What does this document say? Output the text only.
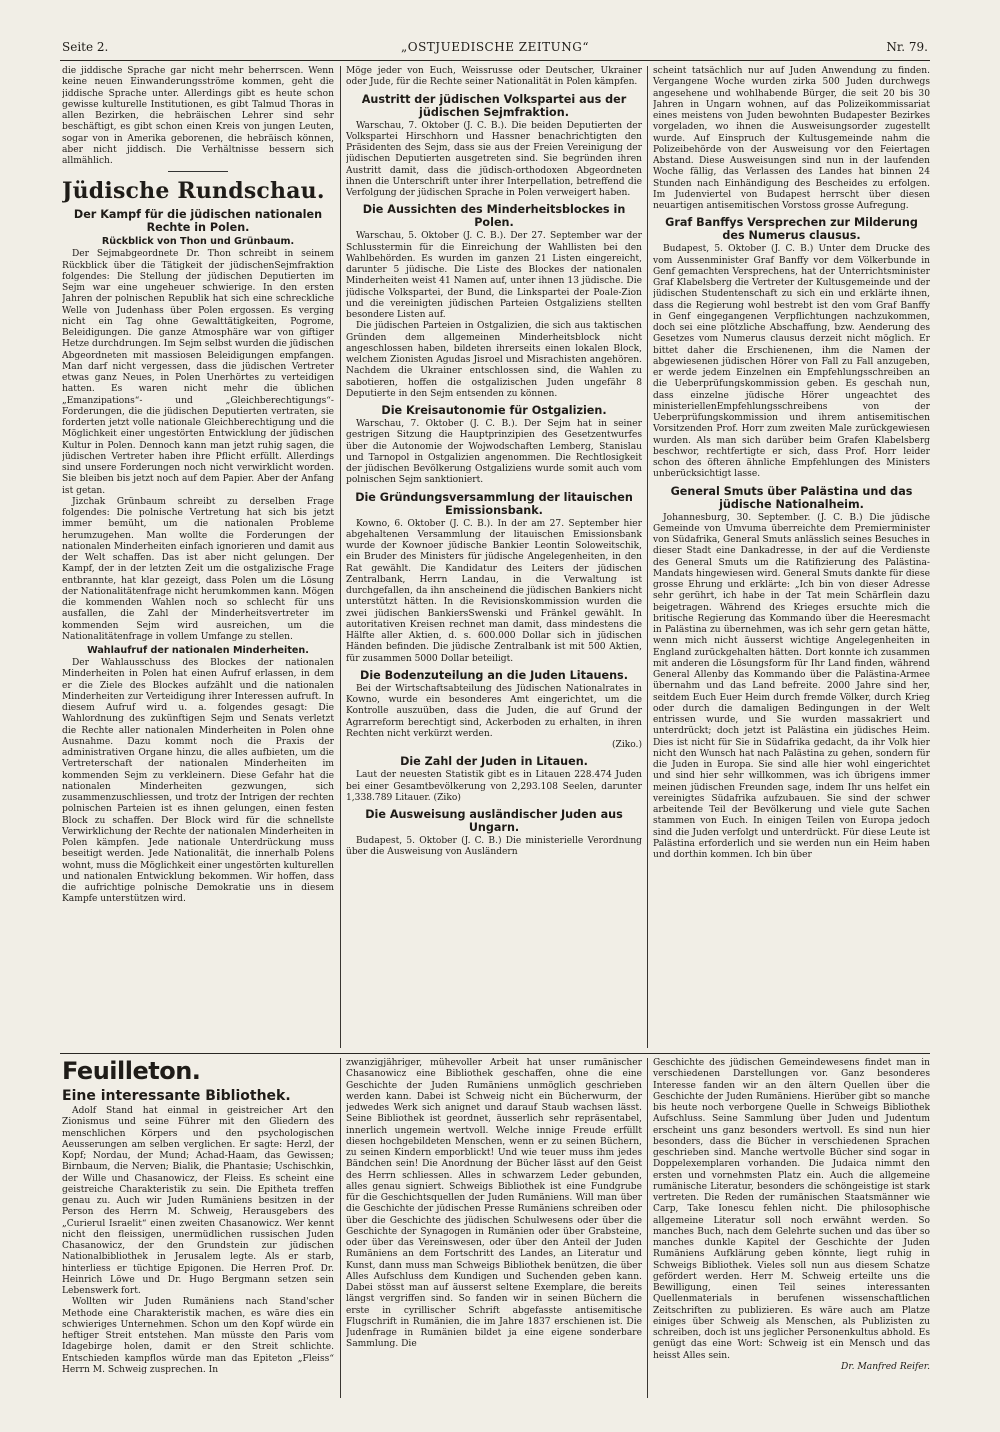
Seite 2.	„OSTJUEDISCHE ZEITUNG“	Nr. 79.

die jiddische Sprache gar nicht mehr beherrscen. Wenn keine neuen Einwanderungsströme kommen, geht die jiddische Sprache unter. Allerdings gibt es heute schon gewisse kulturelle Institutionen, es gibt Talmud Thoras in allen Bezirken, die hebräischen Lehrer sind sehr beschäftigt, es gibt schon einen Kreis von jungen Leuten, sogar von in Amerika geborenen, die hebräisch können, aber nicht jiddisch. Die Verhältnisse bessern sich allmählich.

Jüdische Rundschau.
Der Kampf für die jüdischen nationalen Rechte in Polen.
Rückblick von Thon und Grünbaum.

Der Sejmabgeordnete Dr. Thon schreibt in seinem Rückblick über die Tätigkeit der jüdischenSejmfraktion folgendes: Die Stellung der jüdischen Deputierten im Sejm war eine ungeheuer schwierige. In den ersten Jahren der polnischen Republik hat sich eine schreckliche Welle von Judenhass über Polen ergossen. Es verging nicht ein Tag ohne Gewalttätigkeiten, Pogrome, Beleidigungen. Die ganze Atmosphäre war von giftiger Hetze durchdrungen. Im Sejm selbst wurden die jüdischen Abgeordneten mit massiosen Beleidigungen empfangen. Man darf nicht vergessen, dass die jüdischen Vertreter etwas ganz Neues, in Polen Unerhörtes zu verteidigen hatten. Es waren nicht mehr die üblichen „Emanzipations“- und „Gleichberechtigungs“-Forderungen, die die jüdischen Deputierten vertraten, sie forderten jetzt volle nationale Gleichberechtigung und die Möglichkeit einer ungestörten Entwicklung der jüdischen Kultur in Polen. Dennoch kann man jetzt ruhig sagen, die jüdischen Vertreter haben ihre Pflicht erfüllt. Allerdings sind unsere Forderungen noch nicht verwirklicht worden. Sie bleiben bis jetzt noch auf dem Papier. Aber der Anfang ist getan.

Jizchak Grünbaum schreibt zu derselben Frage folgendes: Die polnische Vertretung hat sich bis jetzt immer bemüht, um die nationalen Probleme herumzugehen. Man wollte die Forderungen der nationalen Minderheiten einfach ignorieren und damit aus der Welt schaffen. Das ist aber nicht gelungen. Der Kampf, der in der letzten Zeit um die ostgalizische Frage entbrannte, hat klar gezeigt, dass Polen um die Lösung der Nationalitätenfrage nicht herumkommen kann. Mögen die kommenden Wahlen noch so schlecht für uns ausfallen, die Zahl der Minderheitsvertreter im kommenden Sejm wird ausreichen, um die Nationalitätenfrage in vollem Umfange zu stellen.

Wahlaufruf der nationalen Minderheiten.

Der Wahlausschuss des Blockes der nationalen Minderheiten in Polen hat einen Aufruf erlassen, in dem er die Ziele des Blockes aufzählt und die nationalen Minderheiten zur Verteidigung ihrer Interessen aufruft. In diesem Aufruf wird u. a. folgendes gesagt: Die Wahlordnung des zukünftigen Sejm und Senats verletzt die Rechte aller nationalen Minderheiten in Polen ohne Ausnahme. Dazu kommt noch die Praxis der administrativen Organe hinzu, die alles aufbieten, um die Vertreterschaft der nationalen Minderheiten im kommenden Sejm zu verkleinern. Diese Gefahr hat die nationalen Minderheiten gezwungen, sich zusammenzuschliessen, und trotz der Intrigen der rechten polnischen Parteien ist es ihnen gelungen, einen festen Block zu schaffen. Der Block wird für die schnellste Verwirklichung der Rechte der nationalen Minderheiten in Polen kämpfen. Jede nationale Unterdrückung muss beseitigt werden. Jede Nationalität, die innerhalb Polens wohnt, muss die Möglichkeit einer ungestörten kulturellen und nationalen Entwicklung bekommen. Wir hoffen, dass die aufrichtige polnische Demokratie uns in diesem Kampfe unterstützen wird.

Möge jeder von Euch, Weissrusse oder Deutscher, Ukrainer oder Jude, für die Rechte seiner Nationalität in Polen kämpfen.

Austritt der jüdischen Volkspartei aus der jüdischen Sejmfraktion.

Warschau, 7. Oktober (J. C. B.). Die beiden Deputierten der Volkspartei Hirschhorn und Hassner benachrichtigten den Präsidenten des Sejm, dass sie aus der Freien Vereinigung der jüdischen Deputierten ausgetreten sind. Sie begründen ihren Austritt damit, dass die jüdisch-orthodoxen Abgeordneten ihnen die Unterschrift unter ihrer Interpellation, betreffend die Verfolgung der jüdischen Sprache in Polen verweigert haben.

Die Aussichten des Minderheitsblockes in Polen.

Warschau, 5. Oktober (J. C. B.). Der 27. September war der Schlusstermin für die Einreichung der Wahllisten bei den Wahlbehörden. Es wurden im ganzen 21 Listen eingereicht, darunter 5 jüdische. Die Liste des Blockes der nationalen Minderheiten weist 41 Namen auf, unter ihnen 13 jüdische. Die jüdische Volkspartei, der Bund, die Linkspartei der Poale-Zion und die vereinigten jüdischen Parteien Ostgaliziens stellten besondere Listen auf.

Die jüdischen Parteien in Ostgalizien, die sich aus taktischen Gründen dem allgemeinen Minderheitsblock nicht angeschlossen haben, bildeten ihrerseits einen lokalen Block, welchem Zionisten Agudas Jisroel und Misrachisten angehören. Nachdem die Ukrainer entschlossen sind, die Wahlen zu sabotieren, hoffen die ostgalizischen Juden ungefähr 8 Deputierte in den Sejm entsenden zu können.

Die Kreisautonomie für Ostgalizien.

Warschau, 7. Oktober (J. C. B.). Der Sejm hat in seiner gestrigen Sitzung die Hauptprinzipien des Gesetzentwurfes über die Autonomie der Wojwodschaften Lemberg, Stanislau und Tarnopol in Ostgalizien angenommen. Die Rechtlosigkeit der jüdischen Bevölkerung Ostgaliziens wurde somit auch vom polnischen Sejm sanktioniert.

Die Gründungsversammlung der litauischen Emissionsbank.

Kowno, 6. Oktober (J. C. B.). In der am 27. September hier abgehaltenen Versammlung der litauischen Emissionsbank wurde der Kownoer jüdische Bankier Leontin Soloweitschik, ein Bruder des Ministers für jüdische Angelegenheiten, in den Rat gewählt. Die Kandidatur des Leiters der jüdischen Zentralbank, Herrn Landau, in die Verwaltung ist durchgefallen, da ihn anscheinend die jüdischen Bankiers nicht unterstützt hätten. In die Revisionskommission wurden die zwei jüdischen BankiersSwenski und Fränkel gewählt. In autoritativen Kreisen rechnet man damit, dass mindestens die Hälfte aller Aktien, d. s. 600.000 Dollar sich in jüdischen Händen befinden. Die jüdische Zentralbank ist mit 500 Aktien, für zusammen 5000 Dollar beteiligt.

Die Bodenzuteilung an die Juden Litauens.

Bei der Wirtschaftsabteilung des Jüdischen Nationalrates in Kowno, wurde ein besonderes Amt eingerichtet, um die Kontrolle auszuüben, dass die Juden, die auf Grund der Agrarreform berechtigt sind, Ackerboden zu erhalten, in ihren Rechten nicht verkürzt werden.

(Ziko.)
Die Zahl der Juden in Litauen.

Laut der neuesten Statistik gibt es in Litauen 228.474 Juden bei einer Gesamtbevölkerung von 2,293.108 Seelen, darunter 1,338.789 Litauer. (Ziko)

Die Ausweisung ausländischer Juden aus Ungarn.

Budapest, 5. Oktober (J. C. B.) Die ministerielle Verordnung über die Ausweisung von Ausländern

scheint tatsächlich nur auf Juden Anwendung zu finden. Vergangene Woche wurden zirka 500 Juden durchwegs angesehene und wohlhabende Bürger, die seit 20 bis 30 Jahren in Ungarn wohnen, auf das Polizeikommissariat eines meistens von Juden bewohnten Budapester Bezirkes vorgeladen, wo ihnen die Ausweisungsorder zugestellt wurde. Auf Einspruch der Kultusgemeinde nahm die Polizeibehörde von der Ausweisung vor den Feiertagen Abstand. Diese Ausweisungen sind nun in der laufenden Woche fällig, das Verlassen des Landes hat binnen 24 Stunden nach Einhändigung des Bescheides zu erfolgen. Im Judenviertel von Budapest herrscht über diesen neuartigen antisemitischen Vorstoss grosse Aufregung.

Graf Banffys Versprechen zur Milderung des Numerus clausus.

Budapest, 5. Oktober (J. C. B.) Unter dem Drucke des vom Aussenminister Graf Banffy vor dem Völkerbunde in Genf gemachten Versprechens, hat der Unterrichtsminister Graf Klabelsberg die Vertreter der Kultusgemeinde und der jüdischen Studentenschaft zu sich ein und erklärte ihnen, dass die Regierung wohl bestrebt ist den vom Graf Banffy in Genf eingegangenen Verpflichtungen nachzukommen, doch sei eine plötzliche Abschaffung, bzw. Aenderung des Gesetzes vom Numerus clausus derzeit nicht möglich. Er bittet daher die Erschienenen, ihm die Namen der abgewiesenen jüdischen Hörer von Fall zu Fall anzugeben, er werde jedem Einzelnen ein Empfehlungsschreiben an die Ueberprüfungskommission geben. Es geschah nun, dass einzelne jüdische Hörer ungeachtet des ministeriellenEmpfehlungsschreibens von der Ueberprüfungskommission und ihrem antisemitischen Vorsitzenden Prof. Horr zum zweiten Male zurückgewiesen wurden. Als man sich darüber beim Grafen Klabelsberg beschwor, rechtfertigte er sich, dass Prof. Horr leider schon des öfteren ähnliche Empfehlungen des Ministers unberücksichtigt lasse.

General Smuts über Palästina und das jüdische Nationalheim.

Johannesburg, 30. September. (J. C. B.) Die jüdische Gemeinde von Umvuma überreichte dem Premierminister von Südafrika, General Smuts anlässlich seines Besuches in dieser Stadt eine Dankadresse, in der auf die Verdienste des General Smuts um die Ratifizierung des Palästina-Mandats hingewiesen wird. General Smuts dankte für diese grosse Ehrung und erklärte: „Ich bin von dieser Adresse sehr gerührt, ich habe in der Tat mein Schärflein dazu beigetragen. Während des Krieges ersuchte mich die britische Regierung das Kommando über die Heeresmacht in Palästina zu übernehmen, was ich sehr gern getan hätte, wenn mich nicht äusserst wichtige Angelegenheiten in England zurückgehalten hätten. Dort konnte ich zusammen mit anderen die Lösungsform für Ihr Land finden, während General Allenby das Kommando über die Palästina-Armee übernahm und das Land befreite. 2000 Jahre sind her, seitdem Euch Euer Heim durch fremde Völker, durch Krieg oder durch die damaligen Bedingungen in der Welt entrissen wurde, und Sie wurden massakriert und unterdrückt; doch jetzt ist Palästina ein jüdisches Heim. Dies ist nicht für Sie in Südafrika gedacht, da ihr Volk hier nicht den Wunsch hat nach Palästina zu gehen, sondern für die Juden in Europa. Sie sind alle hier wohl eingerichtet und sind hier sehr willkommen, was ich übrigens immer meinen jüdischen Freunden sage, indem Ihr uns helfet ein vereinigtes Südafrika aufzubauen. Sie sind der schwer arbeitende Teil der Bevölkerung und viele gute Sachen stammen von Euch. In einigen Teilen von Europa jedoch sind die Juden verfolgt und unterdrückt. Für diese Leute ist Palästina erforderlich und sie werden nun ein Heim haben und dorthin kommen. Ich bin über

Feuilleton.
Eine interessante Bibliothek.

Adolf Stand hat einmal in geistreicher Art den Zionismus und seine Führer mit den Gliedern des menschlichen Körpers und den psychologischen Aeusserungen am selben verglichen. Er sagte: Herzl, der Kopf; Nordau, der Mund; Achad-Haam, das Gewissen; Birnbaum, die Nerven; Bialik, die Phantasie; Uschischkin, der Wille und Chasanowicz, der Fleiss. Es scheint eine geistreiche Charakteristik zu sein. Die Epitheta treffen genau zu. Auch wir Juden Rumäniens besitzen in der Person des Herrn M. Schweig, Herausgebers des „Curierul Israelit“ einen zweiten Chasanowicz. Wer kennt nicht den fleissigen, unermüdlichen russischen Juden Chasanowicz, der den Grundstein zur jüdischen Nationalbibliothek in Jerusalem legte. Als er starb, hinterliess er tüchtige Epigonen. Die Herren Prof. Dr. Heinrich Löwe und Dr. Hugo Bergmann setzen sein Lebenswerk fort.

Wollten wir Juden Rumäniens nach Stand'scher Methode eine Charakteristik machen, es wäre dies ein schwieriges Unternehmen. Schon um den Kopf würde ein heftiger Streit entstehen. Man müsste den Paris vom Idagebirge holen, damit er den Streit schlichte. Entschieden kampflos würde man das Epiteton „Fleiss“ Herrn M. Schweig zusprechen. In

zwanzigjähriger, mühevoller Arbeit hat unser rumänischer Chasanowicz eine Bibliothek geschaffen, ohne die eine Geschichte der Juden Rumäniens unmöglich geschrieben werden kann. Dabei ist Schweig nicht ein Bücherwurm, der jedwedes Werk sich anignet und darauf Staub wachsen lässt. Seine Bibliothek ist geordnet, äusserlich sehr repräsentabel, innerlich ungemein wertvoll. Welche innige Freude erfüllt diesen hochgebildeten Menschen, wenn er zu seinen Büchern, zu seinen Kindern emporblickt! Und wie teuer muss ihm jedes Bändchen sein! Die Anordnung der Bücher lässt auf den Geist des Herrn schliessen. Alles in schwarzem Leder gebunden, alles genau signiert. Schweigs Bibliothek ist eine Fundgrube für die Geschichtsquellen der Juden Rumäniens. Will man über die Geschichte der jüdischen Presse Rumäniens schreiben oder über die Geschichte des jüdischen Schulwesens oder über die Geschichte der Synagogen in Rumänien oder über Grabsteine, oder über das Vereinswesen, oder über den Anteil der Juden Rumäniens an dem Fortschritt des Landes, an Literatur und Kunst, dann muss man Schweigs Bibliothek benützen, die über Alles Aufschluss dem Kundigen und Suchenden geben kann. Dabei stösst man auf äusserst seltene Exemplare, die bereits längst vergriffen sind. So fanden wir in seinen Büchern die erste in cyrillischer Schrift abgefasste antisemitische Flugschrift in Rumänien, die im Jahre 1837 erschienen ist. Die Judenfrage in Rumänien bildet ja eine eigene sonderbare Sammlung. Die

Geschichte des jüdischen Gemeindewesens findet man in verschiedenen Darstellungen vor. Ganz besonderes Interesse fanden wir an den ältern Quellen über die Geschichte der Juden Rumäniens. Hierüber gibt so manche bis heute noch verborgene Quelle in Schweigs Bibliothek Aufschluss. Seine Sammlung über Juden und Judentum erscheint uns ganz besonders wertvoll. Es sind nun hier besonders, dass die Bücher in verschiedenen Sprachen geschrieben sind. Manche wertvolle Bücher sind sogar in Doppelexemplaren vorhanden. Die Judaica nimmt den ersten und vornehmsten Platz ein. Auch die allgemeine rumänische Literatur, besonders die schöngeistige ist stark vertreten. Die Reden der rumänischen Staatsmänner wie Carp, Take Ionescu fehlen nicht. Die philosophische allgemeine Literatur soll noch erwähnt werden. So manches Buch, nach dem Gelehrte suchen und das über so manches dunkle Kapitel der Geschichte der Juden Rumäniens Aufklärung geben könnte, liegt ruhig in Schweigs Bibliothek. Vieles soll nun aus diesem Schatze gefördert werden. Herr M. Schweig erteilte uns die Bewilligung, einen Teil seines interessanten Quellenmaterials in berufenen wissenschaftlichen Zeitschriften zu publizieren. Es wäre auch am Platze einiges über Schweig als Menschen, als Publizisten zu schreiben, doch ist uns jeglicher Personenkultus abhold. Es genügt das eine Wort: Schweig ist ein Mensch und das heisst Alles sein.

Dr. Manfred Reifer.
